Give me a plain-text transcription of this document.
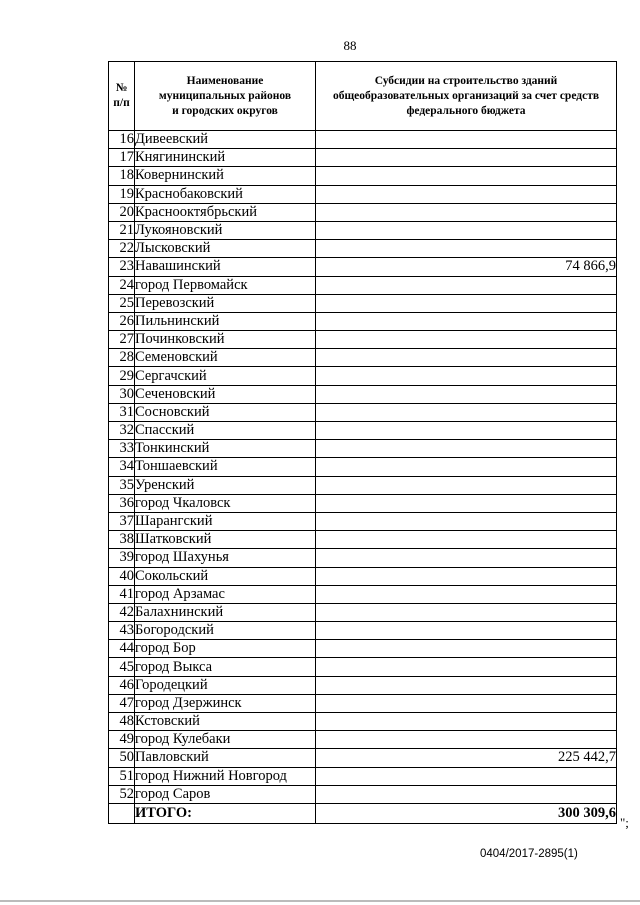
88
№
п/п	Наименование
муниципальных районов
и городских округов	Субсидии на строительство зданий
общеобразовательных организаций за счет средств
федерального бюджета
16	Дивеевский	
17	Княгининский	
18	Ковернинский	
19	Краснобаковский	
20	Краснооктябрьский	
21	Лукояновский	
22	Лысковский	
23	Навашинский	74 866,9
24	город Первомайск	
25	Перевозский	
26	Пильнинский	
27	Починковский	
28	Семеновский	
29	Сергачский	
30	Сеченовский	
31	Сосновский	
32	Спасский	
33	Тонкинский	
34	Тоншаевский	
35	Уренский	
36	город Чкаловск	
37	Шарангский	
38	Шатковский	
39	город Шахунья	
40	Сокольский	
41	город Арзамас	
42	Балахнинский	
43	Богородский	
44	город Бор	
45	город Выкса	
46	Городецкий	
47	город Дзержинск	
48	Кстовский	
49	город Кулебаки	
50	Павловский	225 442,7
51	город Нижний Новгород	
52	город Саров	
	ИТОГО:	300 309,6
";
0404/2017-2895(1)
